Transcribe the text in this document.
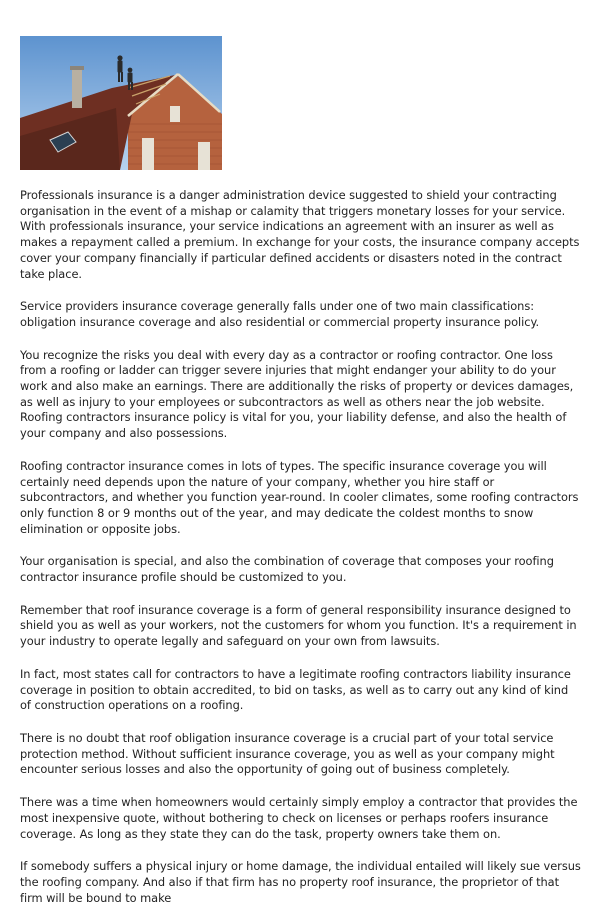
Professionals insurance is a danger administration device suggested to shield your contracting organisation in the event of a mishap or calamity that triggers monetary losses for your service. With professionals insurance, your service indications an agreement with an insurer as well as makes a repayment called a premium. In exchange for your costs, the insurance company accepts cover your company financially if particular defined accidents or disasters noted in the contract take place.

Service providers insurance coverage generally falls under one of two main classifications: obligation insurance coverage and also residential or commercial property insurance policy.

You recognize the risks you deal with every day as a contractor or roofing contractor. One loss from a roofing or ladder can trigger severe injuries that might endanger your ability to do your work and also make an earnings. There are additionally the risks of property or devices damages, as well as injury to your employees or subcontractors as well as others near the job website. Roofing contractors insurance policy is vital for you, your liability defense, and also the health of your company and also possessions.

Roofing contractor insurance comes in lots of types. The specific insurance coverage you will certainly need depends upon the nature of your company, whether you hire staff or subcontractors, and whether you function year-round. In cooler climates, some roofing contractors only function 8 or 9 months out of the year, and may dedicate the coldest months to snow elimination or opposite jobs.

Your organisation is special, and also the combination of coverage that composes your roofing contractor insurance profile should be customized to you.

Remember that roof insurance coverage is a form of general responsibility insurance designed to shield you as well as your workers, not the customers for whom you function. It's a requirement in your industry to operate legally and safeguard on your own from lawsuits.

In fact, most states call for contractors to have a legitimate roofing contractors liability insurance coverage in position to obtain accredited, to bid on tasks, as well as to carry out any kind of kind of construction operations on a roofing.

There is no doubt that roof obligation insurance coverage is a crucial part of your total service protection method. Without sufficient insurance coverage, you as well as your company might encounter serious losses and also the opportunity of going out of business completely.

There was a time when homeowners would certainly simply employ a contractor that provides the most inexpensive quote, without bothering to check on licenses or perhaps roofers insurance coverage. As long as they state they can do the task, property owners take them on.

If somebody suffers a physical injury or home damage, the individual entailed will likely sue versus the roofing company. And also if that firm has no property roof insurance, the proprietor of that firm will be bound to make
